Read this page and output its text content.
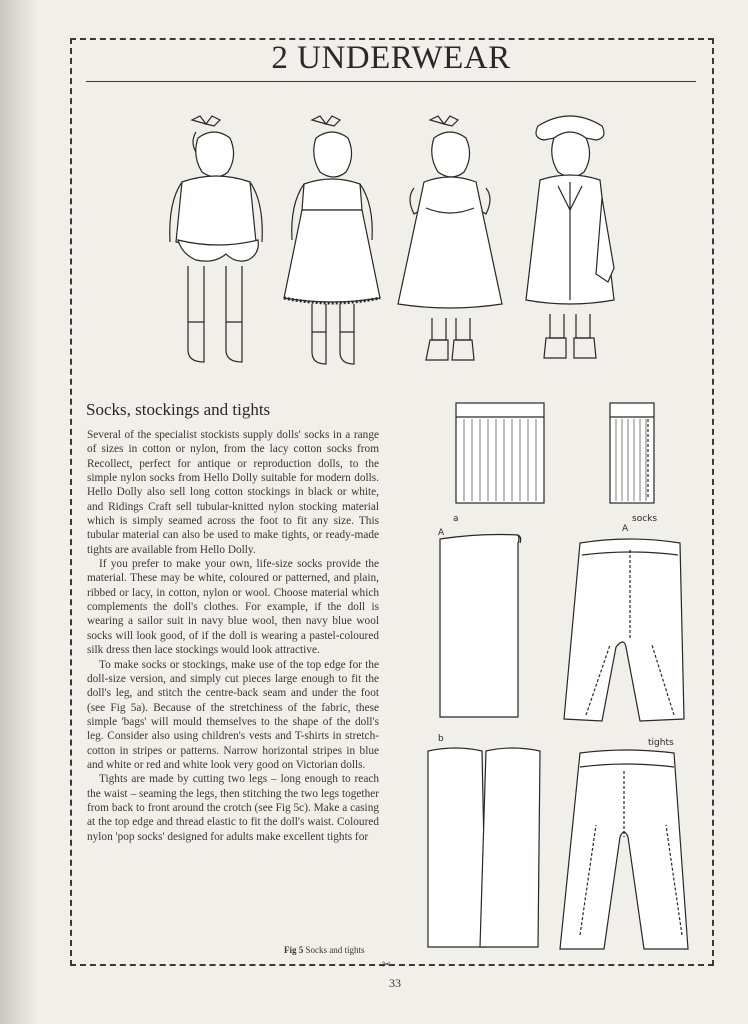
2 UNDERWEAR
Socks, stockings and tights

Several of the specialist stockists supply dolls' socks in a range of sizes in cotton or nylon, from the lacy cotton socks from Recollect, perfect for antique or reproduction dolls, to the simple nylon socks from Hello Dolly suitable for modern dolls. Hello Dolly also sell long cotton stockings in black or white, and Ridings Craft sell tubular-knitted nylon stocking material which is simply seamed across the foot to fit any size. This tubular material can also be used to make tights, or ready-made tights are available from Hello Dolly.

If you prefer to make your own, life-size socks provide the material. These may be white, coloured or patterned, and plain, ribbed or lacy, in cotton, nylon or wool. Choose material which complements the doll's clothes. For example, if the doll is wearing a sailor suit in navy blue wool, then navy blue wool socks will look good, of if the doll is wearing a pastel-coloured silk dress then lace stockings would look attractive.

To make socks or stockings, make use of the top edge for the doll-size version, and simply cut pieces large enough to fit the doll's leg, and stitch the centre-back seam and under the foot (see Fig 5a). Because of the stretchiness of the fabric, these simple 'bags' will mould themselves to the shape of the doll's leg. Consider also using children's vests and T-shirts in stretch-cotton in stripes or patterns. Narrow horizontal stripes in blue and white or red and white look very good on Victorian dolls.

Tights are made by cutting two legs – long enough to reach the waist – seaming the legs, then stitching the two legs together from back to front around the crotch (see Fig 5c). Make a casing at the top edge and thread elastic to fit the doll's waist. Coloured nylon 'pop socks' designed for adults make excellent tights for

a	socks
A	A
b	tights
Fig 5 Socks and tights
✂
33
